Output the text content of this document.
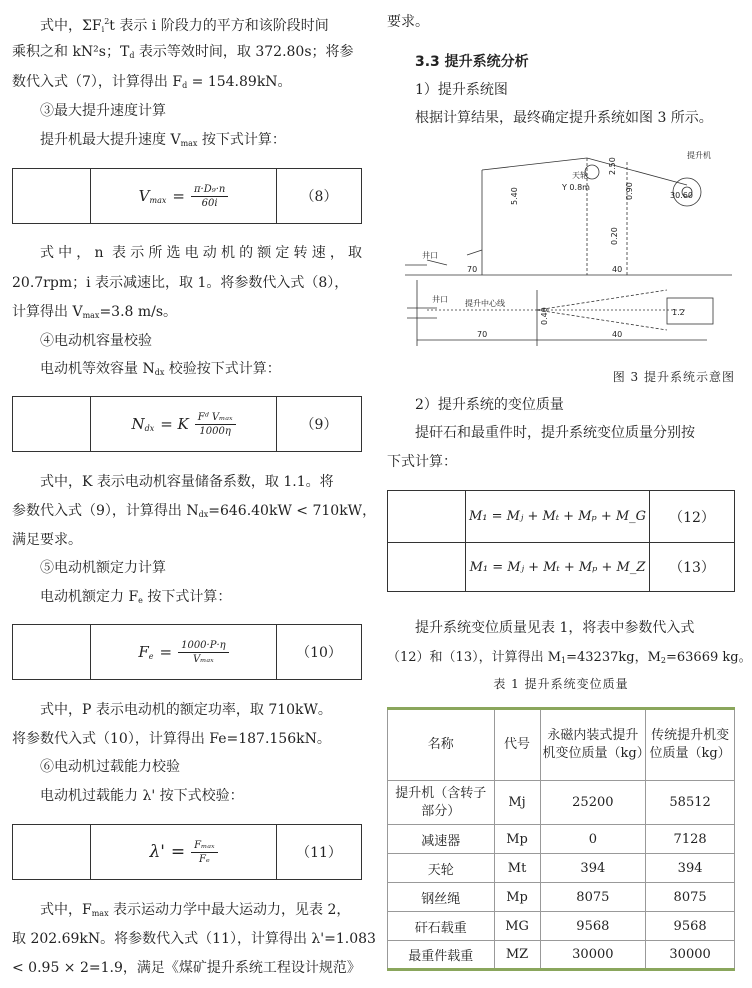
式中，$\Sigma F_i^2t$ 表示 i 阶段力的平方和该阶段时间
乘积之和 kN²s；$T_d$ 表示等效时间，取 372.80s；将参
数代入式（7），计算得出 $F_d = 154.89kN$。
③最大提升速度计算
提升机最大提升速度 $V_{max}$ 按下式计算：
$V_{max} = \frac{\text{π·D₉·n}}{60i}$	（8）
式中，n 表示所选电动机的额定转速，取
20.7rpm；i 表示减速比，取 1。将参数代入式（8），
计算得出 $V_{max}=3.8$ m/s。
④电动机容量校验
电动机等效容量 $N_{dx}$ 校验按下式计算：
$N_{dx} = K \frac{\text{Fᵈ Vₘₐₓ}}{1000\eta}$	（9）
式中，K 表示电动机容量储备系数，取 1.1。将
参数代入式（9），计算得出 $N_{dx}=646.40kW < 710kW$，
满足要求。
⑤电动机额定力计算
电动机额定力 $F_e$ 按下式计算：
$F_e = \frac{1000\cdot P\cdot\eta}{\text{Vₘₐₓ}}$	（10）
式中，P 表示电动机的额定功率，取 710kW。
将参数代入式（10），计算得出 Fe=187.156kN。
⑥电动机过载能力校验
电动机过载能力 λ' 按下式校验：
$\lambda' = \frac{\text{Fₘₐₓ}}{\text{Fₑ}}$	（11）
式中，$F_{max}$ 表示运动力学中最大运动力，见表 2，
取 202.69kN。将参数代入式（11），计算得出 λ'=1.083
< 0.95 × 2=1.9，满足《煤矿提升系统工程设计规范》
要求。
3.3 提升系统分析
1）提升系统图
根据计算结果，最终确定提升系统如图 3 所示。
提升机
天轮
井口
井口 提升中心线
70	40
70	40
Y 0.8m
5.40
0.20
0.90
2.50
0.40
30.60
1.2
图 3 提升系统示意图
2）提升系统的变位质量
提矸石和最重件时，提升系统变位质量分别按
下式计算：
M₁ = Mⱼ + Mₜ + Mₚ + M_G	（12）
M₁ = Mⱼ + Mₜ + Mₚ + M_Z	（13）
提升系统变位质量见表 1，将表中参数代入式
（12）和（13），计算得出 $M_1=43237kg$，$M_2=63669$ kg。
表 1 提升系统变位质量
名称	代号	永磁内装式提升机变位质量（kg）	传统提升机变位质量（kg）
提升机（含转子部分）	Mj	25200	58512
减速器	Mp	0	7128
天轮	Mt	394	394
钢丝绳	Mp	8075	8075
矸石载重	MG	9568	9568
最重件载重	MZ	30000	30000
